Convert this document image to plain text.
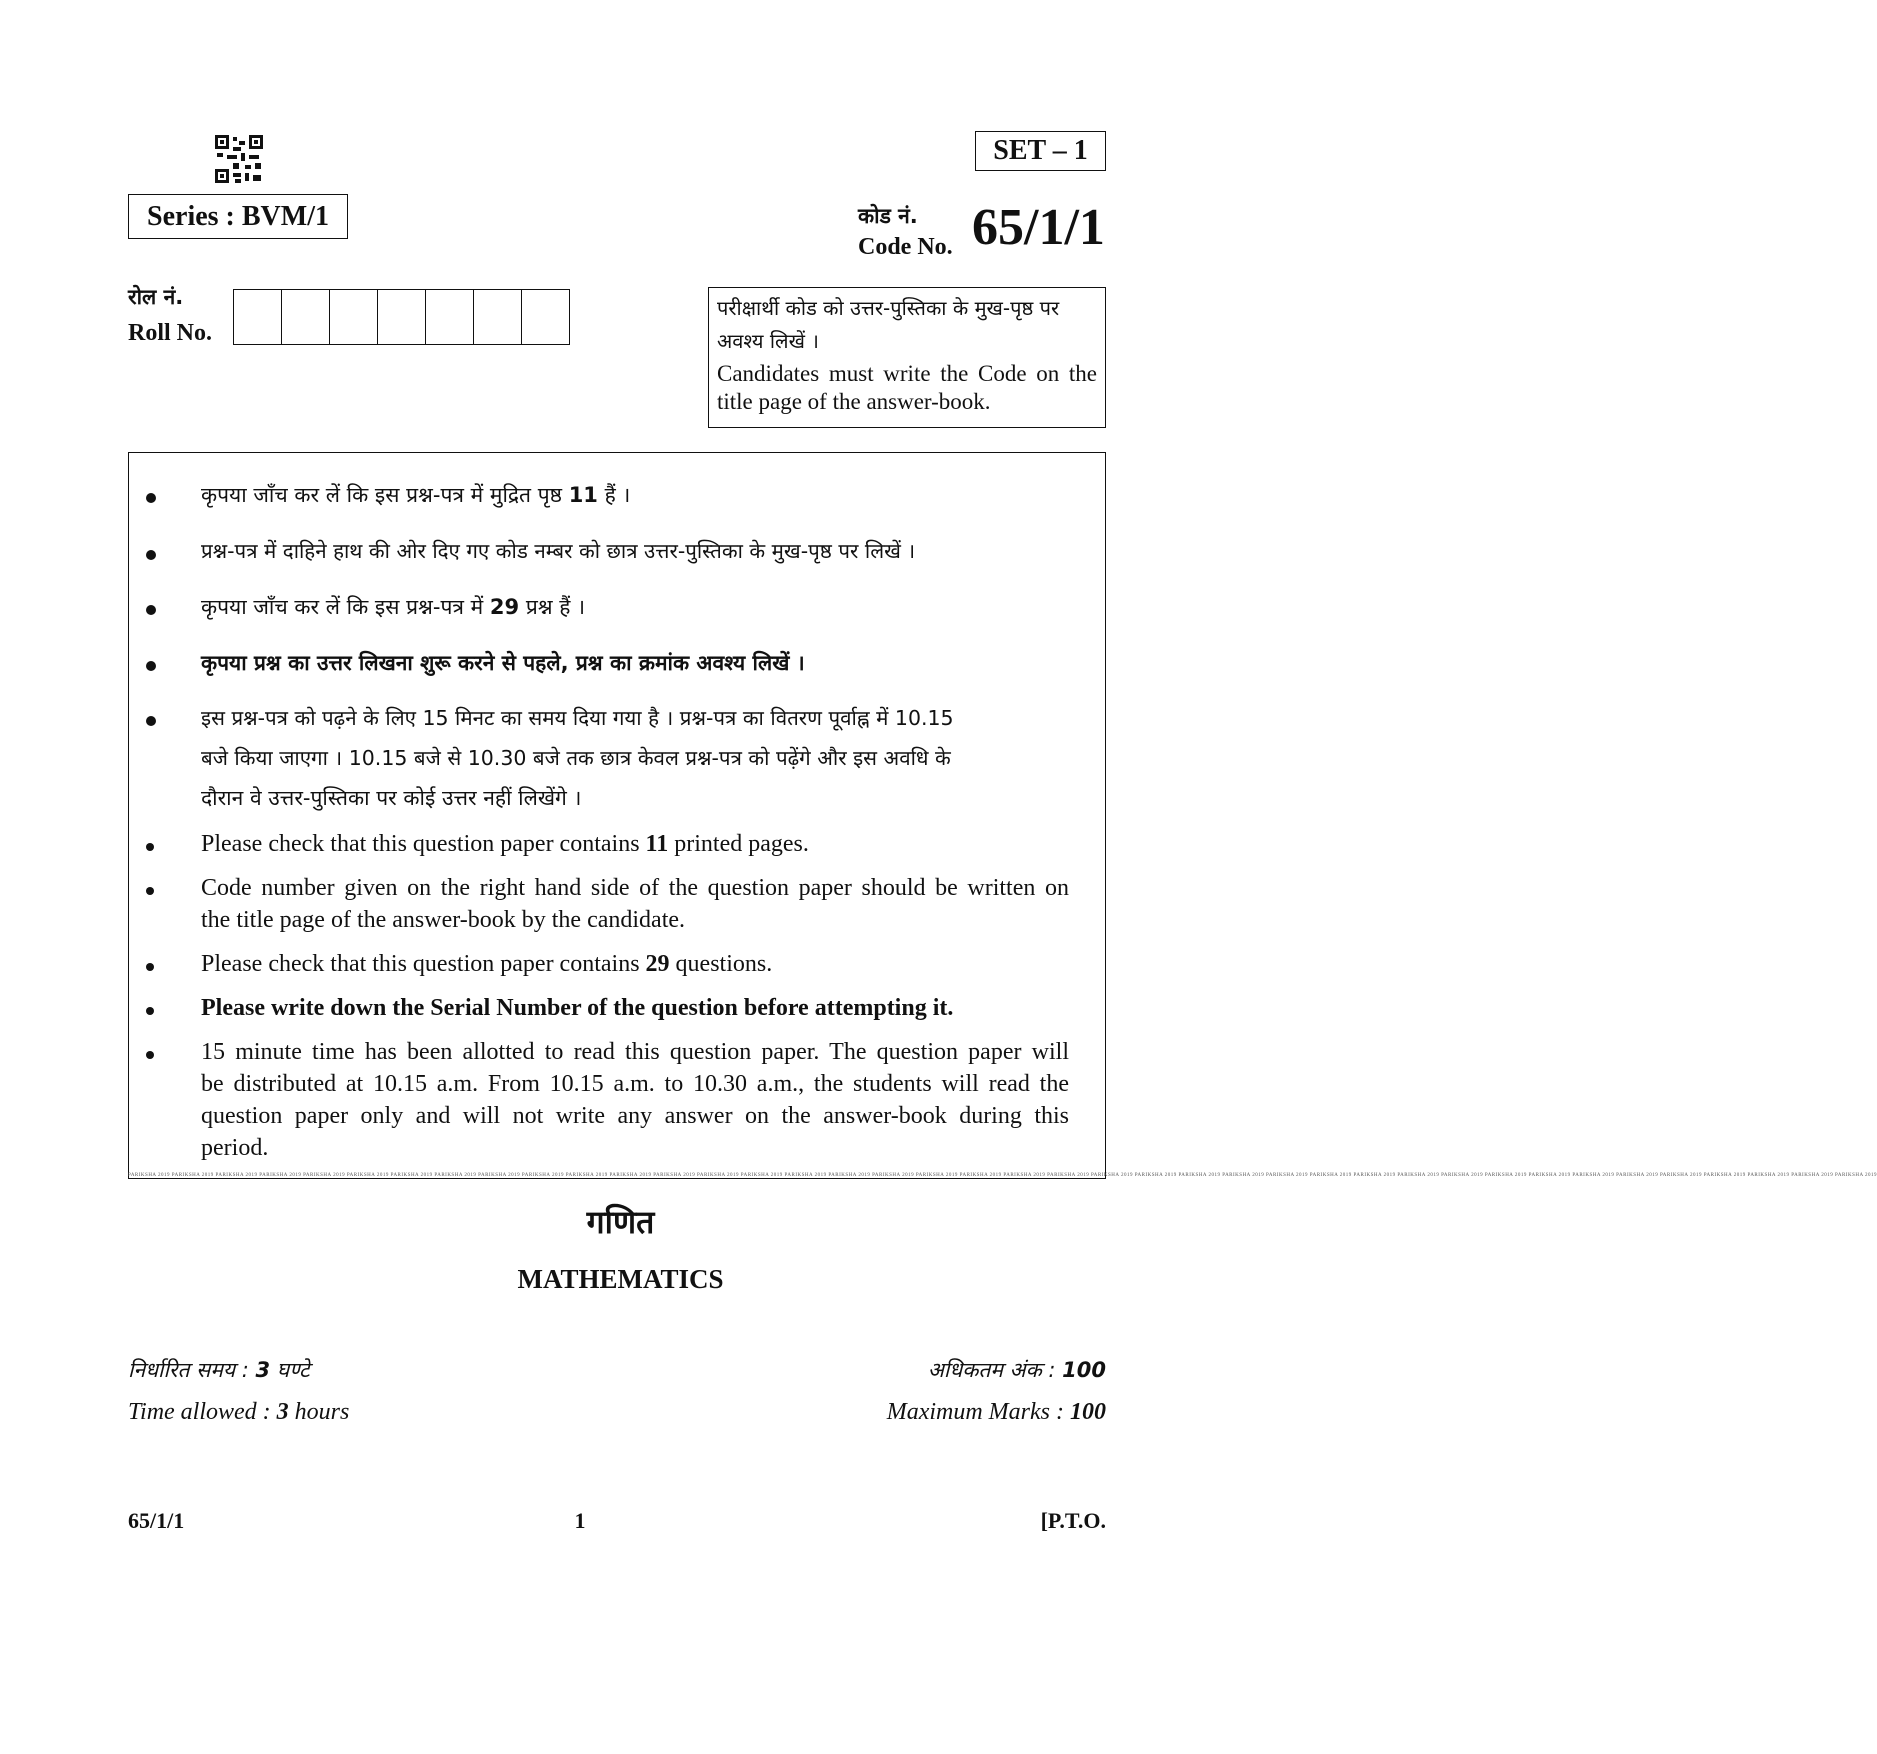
SET – 1
Series : BVM/1	कोड नं.
Code No. 65/1/1
रोल नं.
Roll No.
परीक्षार्थी कोड को उत्तर-पुस्तिका के मुख-पृष्ठ पर अवश्य लिखें ।
Candidates must write the Code on the title page of the answer-book.
कृपया जाँच कर लें कि इस प्रश्न-पत्र में मुद्रित पृष्ठ 11 हैं ।
प्रश्न-पत्र में दाहिने हाथ की ओर दिए गए कोड नम्बर को छात्र उत्तर-पुस्तिका के मुख-पृष्ठ पर लिखें ।
कृपया जाँच कर लें कि इस प्रश्न-पत्र में 29 प्रश्न हैं ।
कृपया प्रश्न का उत्तर लिखना शुरू करने से पहले, प्रश्न का क्रमांक अवश्य लिखें ।
इस प्रश्न-पत्र को पढ़ने के लिए 15 मिनट का समय दिया गया है । प्रश्न-पत्र का वितरण पूर्वाह्न में 10.15
बजे किया जाएगा । 10.15 बजे से 10.30 बजे तक छात्र केवल प्रश्न-पत्र को पढ़ेंगे और इस अवधि के
दौरान वे उत्तर-पुस्तिका पर कोई उत्तर नहीं लिखेंगे ।
Please check that this question paper contains 11 printed pages.
Code number given on the right hand side of the question paper should be written on
the title page of the answer-book by the candidate.
Please check that this question paper contains 29 questions.
Please write down the Serial Number of the question before attempting it.
15 minute time has been allotted to read this question paper. The question paper will
be distributed at 10.15 a.m. From 10.15 a.m. to 10.30 a.m., the students will read the
question paper only and will not write any answer on the answer-book during this
period.
PARIKSHA 2019 PARIKSHA 2019 PARIKSHA 2019 PARIKSHA 2019 PARIKSHA 2019 PARIKSHA 2019 PARIKSHA 2019 PARIKSHA 2019 PARIKSHA 2019 PARIKSHA 2019 PARIKSHA 2019 PARIKSHA 2019 PARIKSHA 2019 PARIKSHA 2019 PARIKSHA 2019 PARIKSHA 2019 PARIKSHA 2019 PARIKSHA 2019 PARIKSHA 2019 PARIKSHA 2019 PARIKSHA 2019 PARIKSHA 2019 PARIKSHA 2019 PARIKSHA 2019 PARIKSHA 2019 PARIKSHA 2019 PARIKSHA 2019 PARIKSHA 2019 PARIKSHA 2019 PARIKSHA 2019 PARIKSHA 2019 PARIKSHA 2019 PARIKSHA 2019 PARIKSHA 2019 PARIKSHA 2019 PARIKSHA 2019 PARIKSHA 2019 PARIKSHA 2019 PARIKSHA 2019 PARIKSHA 2019
गणित
MATHEMATICS
निर्धारित समय : 3 घण्टे
Time allowed : 3 hours
अधिकतम अंक : 100
Maximum Marks : 100
65/1/1	1	[P.T.O.
